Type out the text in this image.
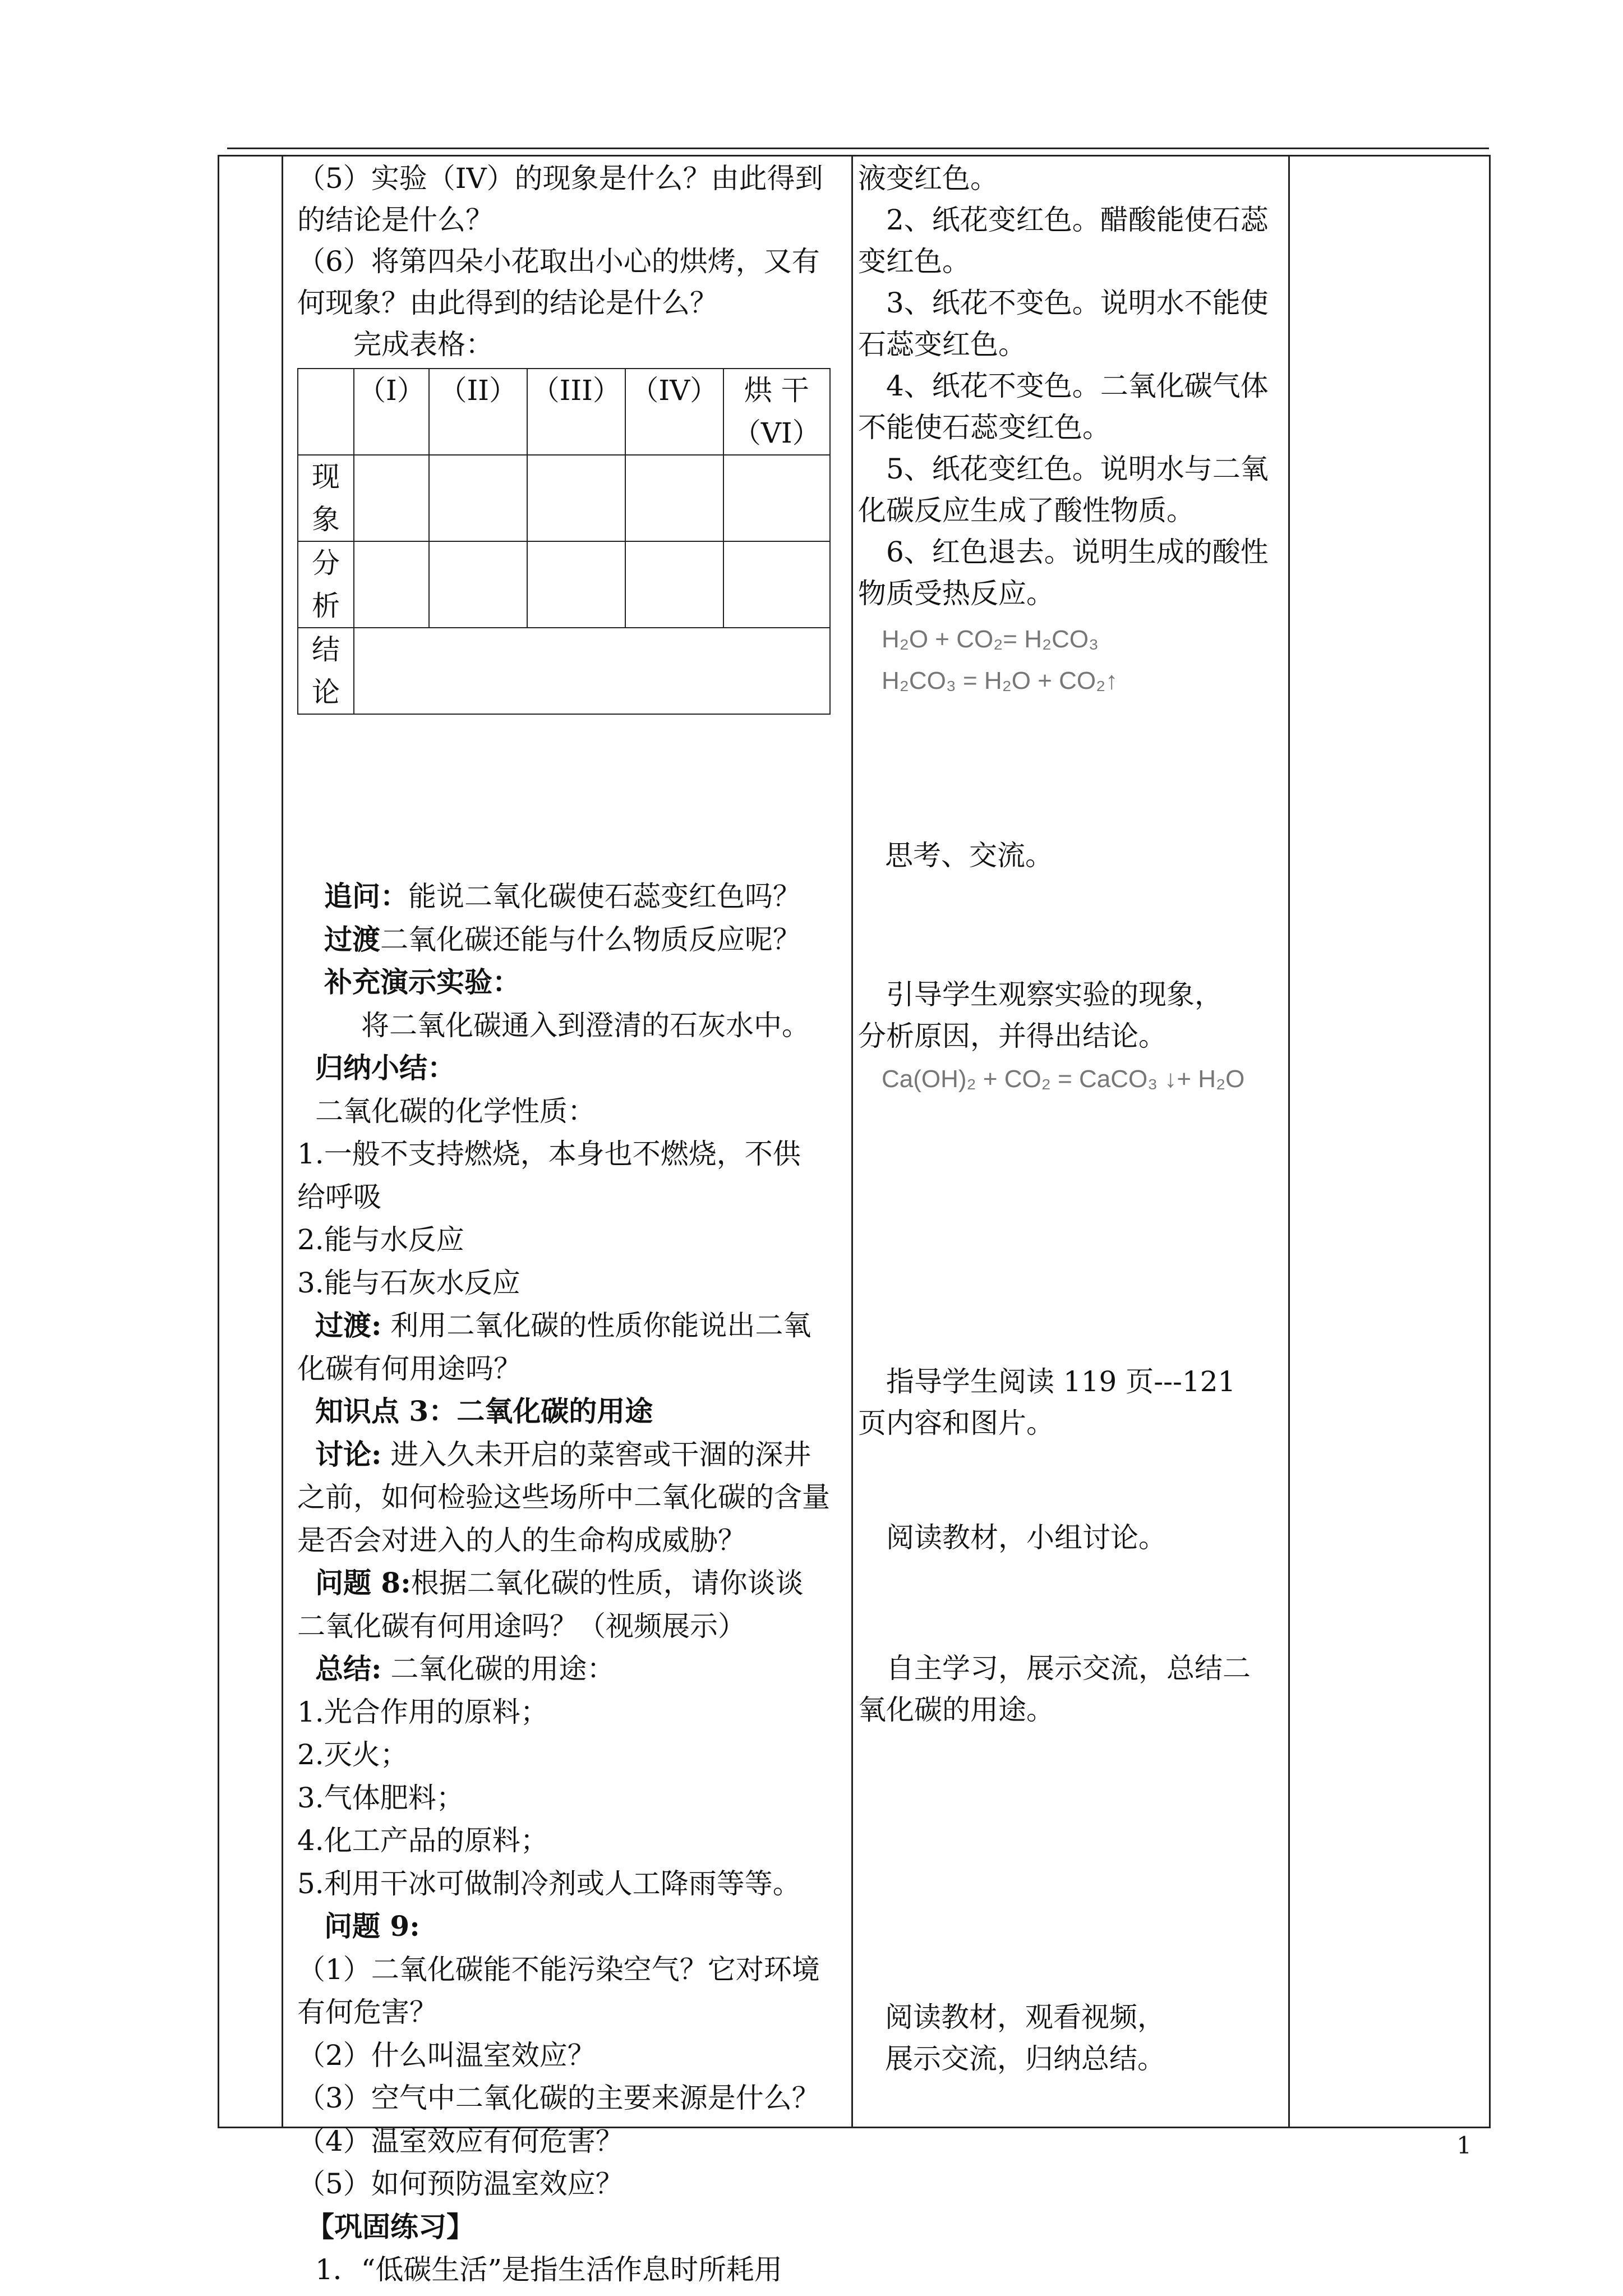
（5）实验（IV）的现象是什么？由此得到
的结论是什么？
（6）将第四朵小花取出小心的烘烤，又有
何现象？由此得到的结论是什么？
　　完成表格：
	（I）	（II）	（III）	（IV）	烘 干（VI）
现象					
分析					
结论					
追问：能说二氧化碳使石蕊变红色吗？
过渡二氧化碳还能与什么物质反应呢？
补充演示实验：
　将二氧化碳通入到澄清的石灰水中。
归纳小结：
二氧化碳的化学性质：
1.一般不支持燃烧，本身也不燃烧，不供
给呼吸
2.能与水反应
3.能与石灰水反应
过渡: 利用二氧化碳的性质你能说出二氧
化碳有何用途吗？
知识点 3：二氧化碳的用途
讨论: 进入久未开启的菜窖或干涸的深井
之前，如何检验这些场所中二氧化碳的含量
是否会对进入的人的生命构成威胁？
问题 8:根据二氧化碳的性质，请你谈谈
二氧化碳有何用途吗？（视频展示）
总结: 二氧化碳的用途：
1.光合作用的原料；
2.灭火；
3.气体肥料；
4.化工产品的原料；
5.利用干冰可做制冷剂或人工降雨等等。
问题 9:
（1）二氧化碳能不能污染空气？它对环境
有何危害？
（2）什么叫温室效应？
（3）空气中二氧化碳的主要来源是什么？
（4）温室效应有何危害？
（5）如何预防温室效应？
【巩固练习】
1．“低碳生活”是指生活作息时所耗用
液变红色。
　2、纸花变红色。醋酸能使石蕊
变红色。
　3、纸花不变色。说明水不能使
石蕊变红色。
　4、纸花不变色。二氧化碳气体
不能使石蕊变红色。
　5、纸花变红色。说明水与二氧
化碳反应生成了酸性物质。
　6、红色退去。说明生成的酸性
物质受热反应。
H₂O + CO₂= H₂CO₃
H₂CO₃ = H₂O + CO₂↑
思考、交流。
　引导学生观察实验的现象，
分析原因，并得出结论。
Ca(OH)₂ + CO₂ = CaCO₃ ↓+ H₂O
　指导学生阅读 119 页---121
页内容和图片。
　阅读教材，小组讨论。
　自主学习，展示交流，总结二
氧化碳的用途。
阅读教材，观看视频，
展示交流，归纳总结。
1
